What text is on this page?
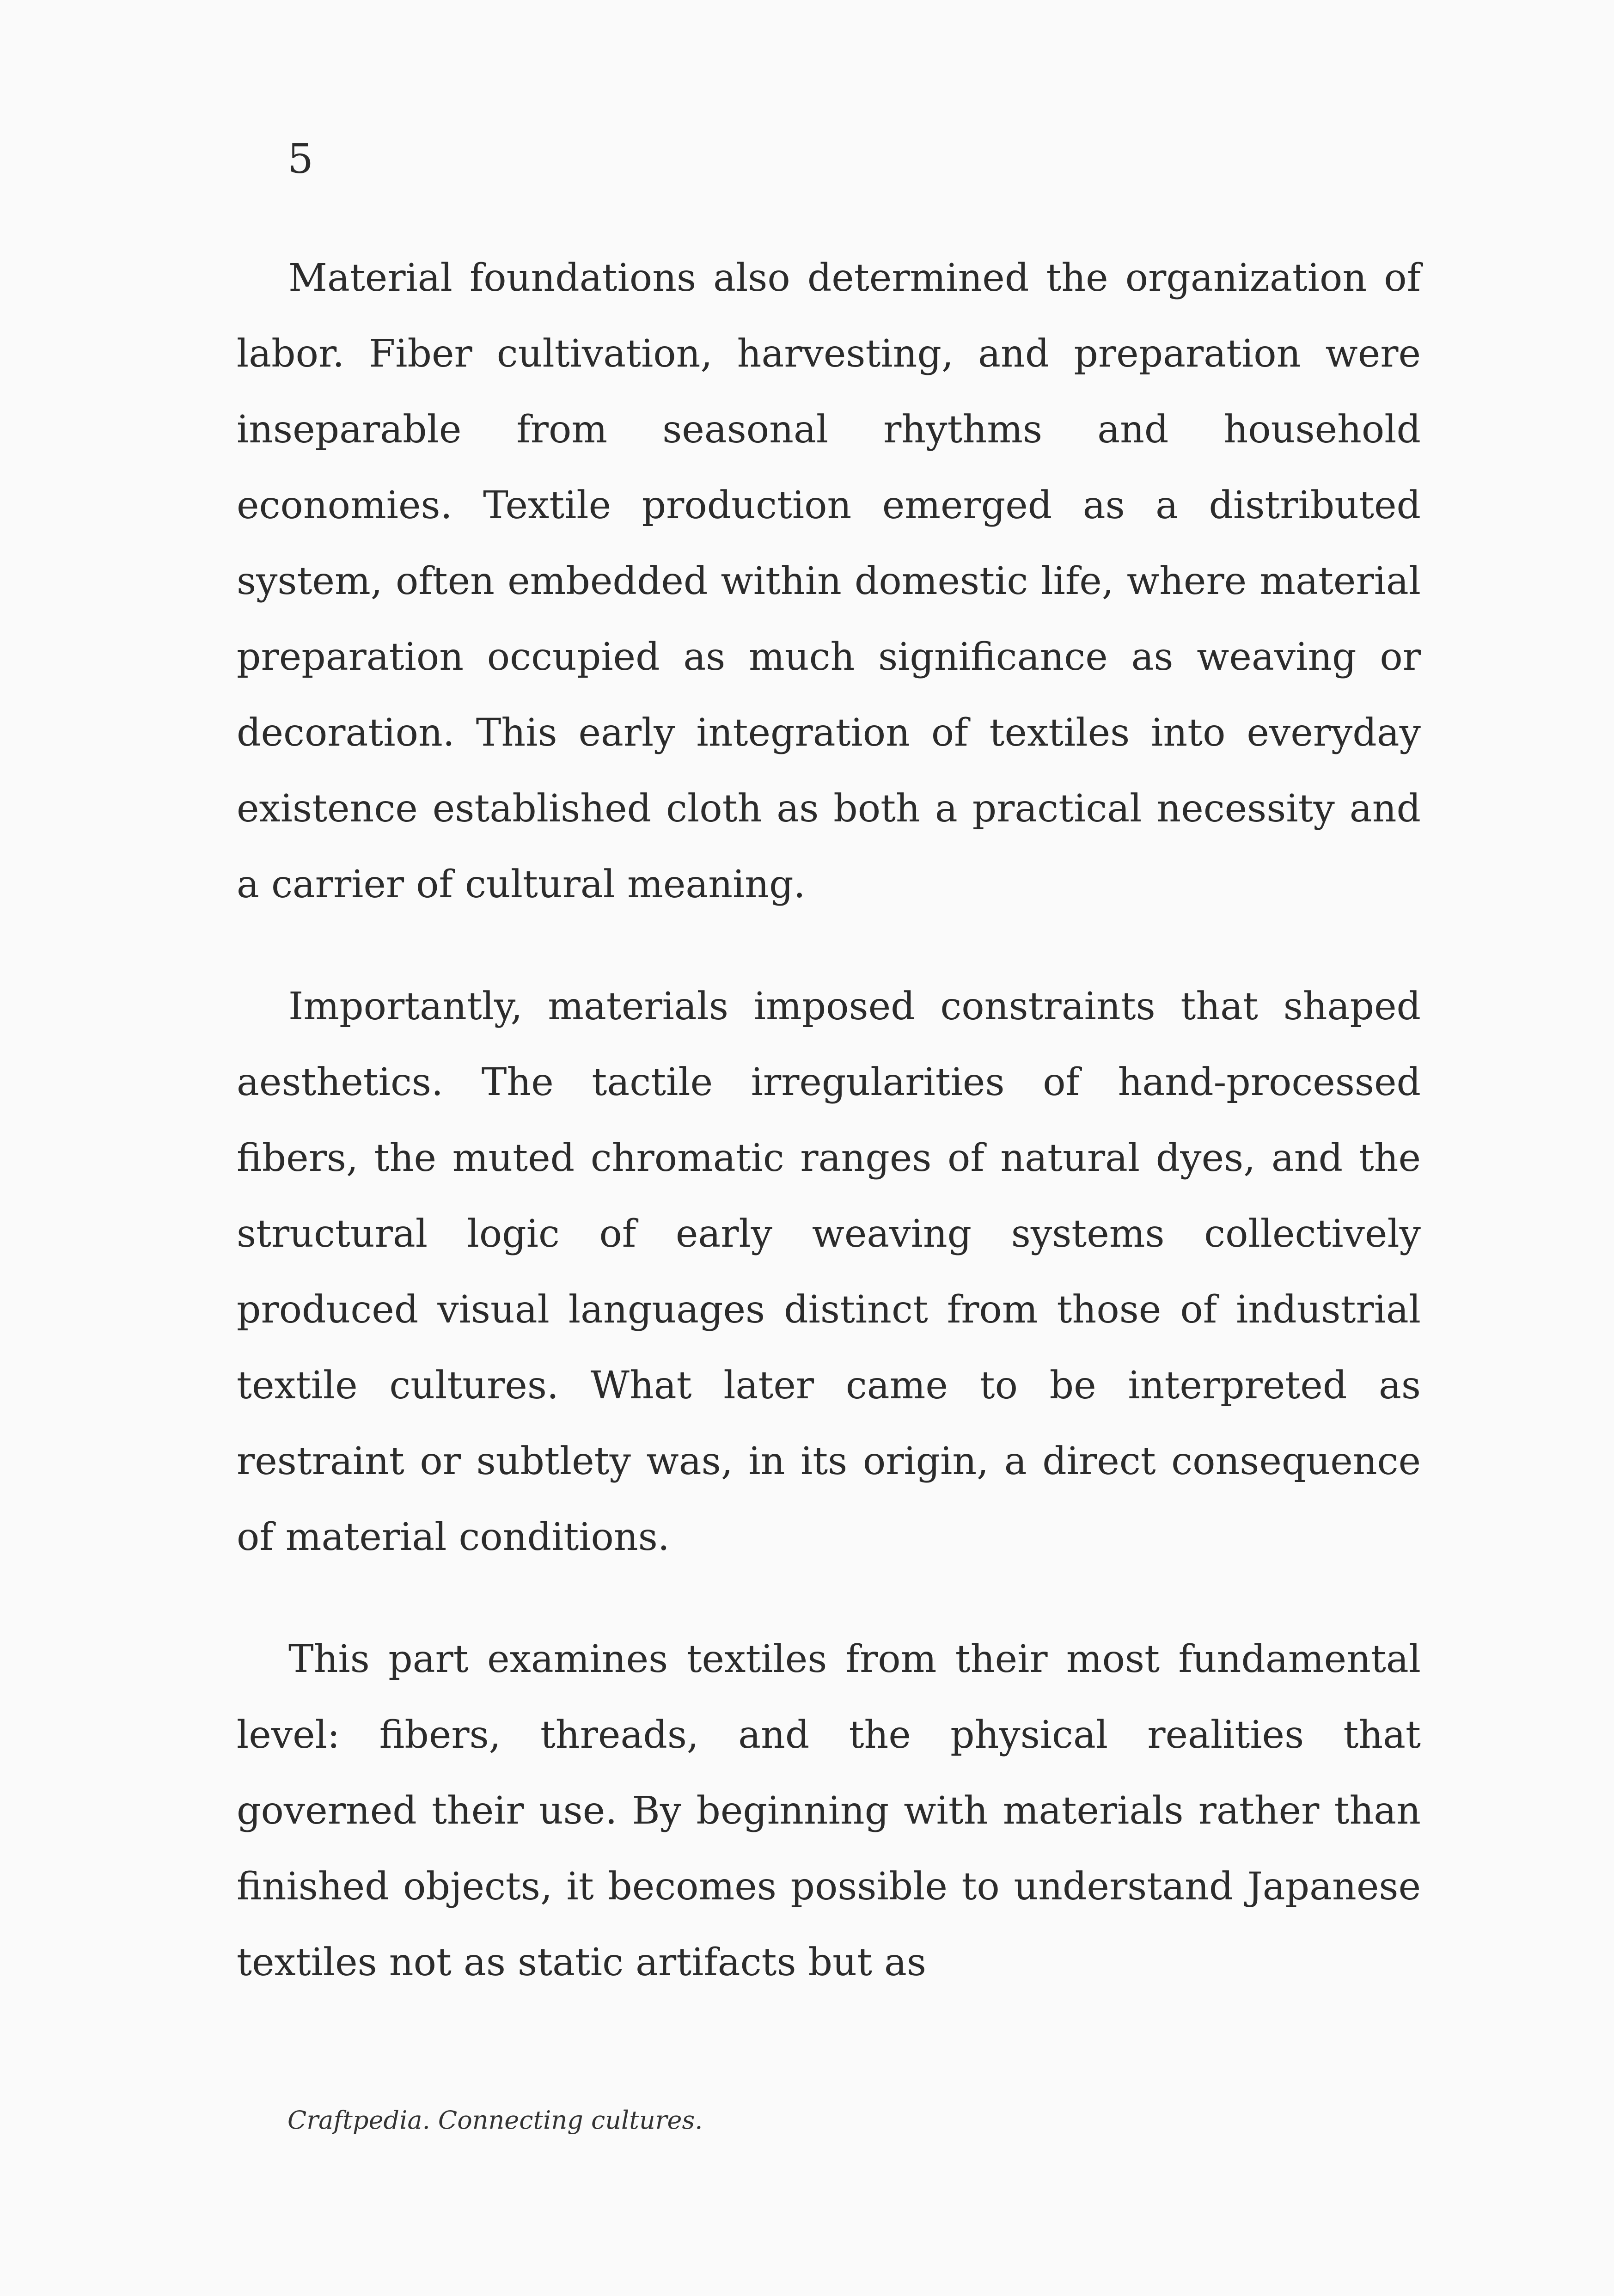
5

Material foundations also determined the organization of labor. Fiber cultivation, harvesting, and preparation were inseparable from seasonal rhythms and household economies. Textile production emerged as a distributed system, often embedded within domestic life, where material preparation occupied as much significance as weaving or decoration. This early integration of textiles into everyday existence established cloth as both a practical necessity and a carrier of cultural meaning.

Importantly, materials imposed constraints that shaped aesthetics. The tactile irregularities of hand-processed fibers, the muted chromatic ranges of natural dyes, and the structural logic of early weaving systems collectively produced visual languages distinct from those of industrial textile cultures. What later came to be interpreted as restraint or subtlety was, in its origin, a direct consequence of material conditions.

This part examines textiles from their most fundamental level: fibers, threads, and the physical realities that governed their use. By beginning with materials rather than finished objects, it becomes possible to understand Japanese textiles not as static artifacts but as

Craftpedia. Connecting cultures.
